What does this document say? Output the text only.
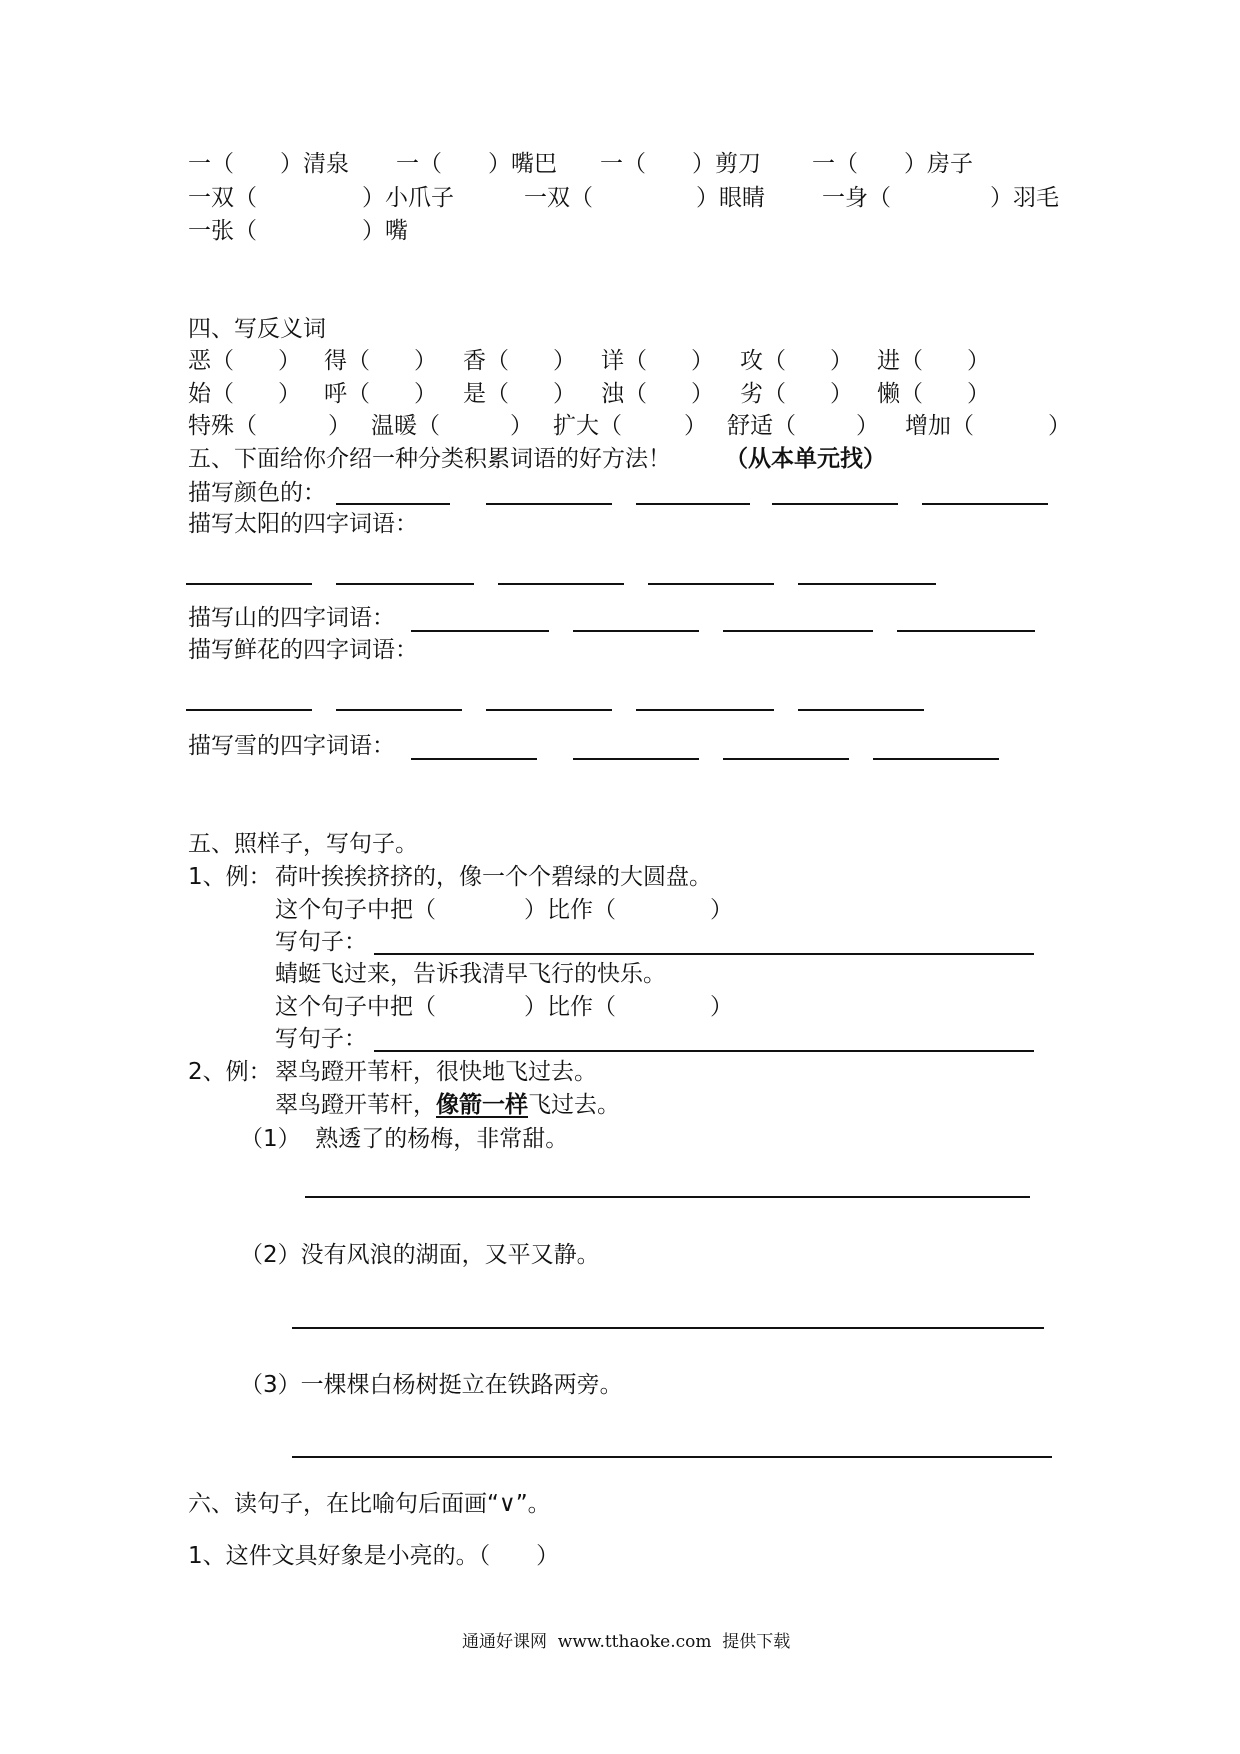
一（　　）清泉 一（　　）嘴巴 一（　　）剪刀 一（　　）房子
一双（	）小爪子	一双（	）眼睛 一身（	）羽毛
一张（	）嘴
四、写反义词
恶（ ） 得（ ） 香（ ） 详（ ） 攻（ ） 进（ ）
始（ ） 呼（ ） 是（ ） 浊（ ） 劣（ ） 懒（ ）
特殊（	） 温暖（	） 扩大（	） 舒适（	） 增加（	）
五、下面给你介绍一种分类积累词语的好方法！ （从本单元找）
描写颜色的：
描写太阳的四字词语：
描写山的四字词语：
描写鲜花的四字词语：
描写雪的四字词语：
五、照样子，写句子。
1、例： 荷叶挨挨挤挤的，像一个个碧绿的大圆盘。
这个句子中把（	）比作（	）
写句子：
蜻蜓飞过来，告诉我清早飞行的快乐。
这个句子中把（	）比作（	）
写句子：
2、例： 翠鸟蹬开苇杆，很快地飞过去。
翠鸟蹬开苇杆，像箭一样飞过去。
（1）  熟透了的杨梅，非常甜。
（2）没有风浪的湖面，又平又静。
（3）一棵棵白杨树挺立在铁路两旁。
六、读句子，在比喻句后面画“∨”。
1、这件文具好象是小亮的。（　　）
通通好课网  www.tthaoke.com  提供下载
